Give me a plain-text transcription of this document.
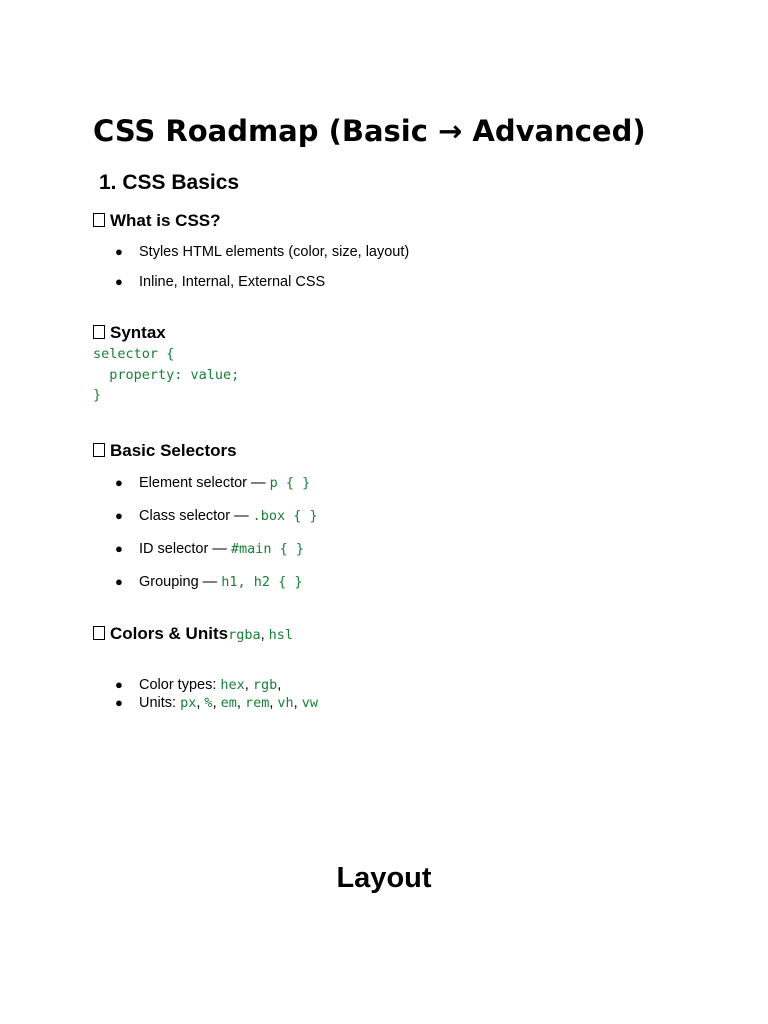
CSS Roadmap (Basic → Advanced)
1. CSS Basics
What is CSS?
● Styles HTML elements (color, size, layout)
● Inline, Internal, External CSS
Syntax
selector {
property: value;
}
Basic Selectors
● Element selector — p { }
● Class selector — .box { }
● ID selector — #main { }
● Grouping — h1, h2 { }
Colors & Unitsrgba, hsl
● Color types: hex, rgb,
● Units: px, %, em, rem, vh, vw
Layout
